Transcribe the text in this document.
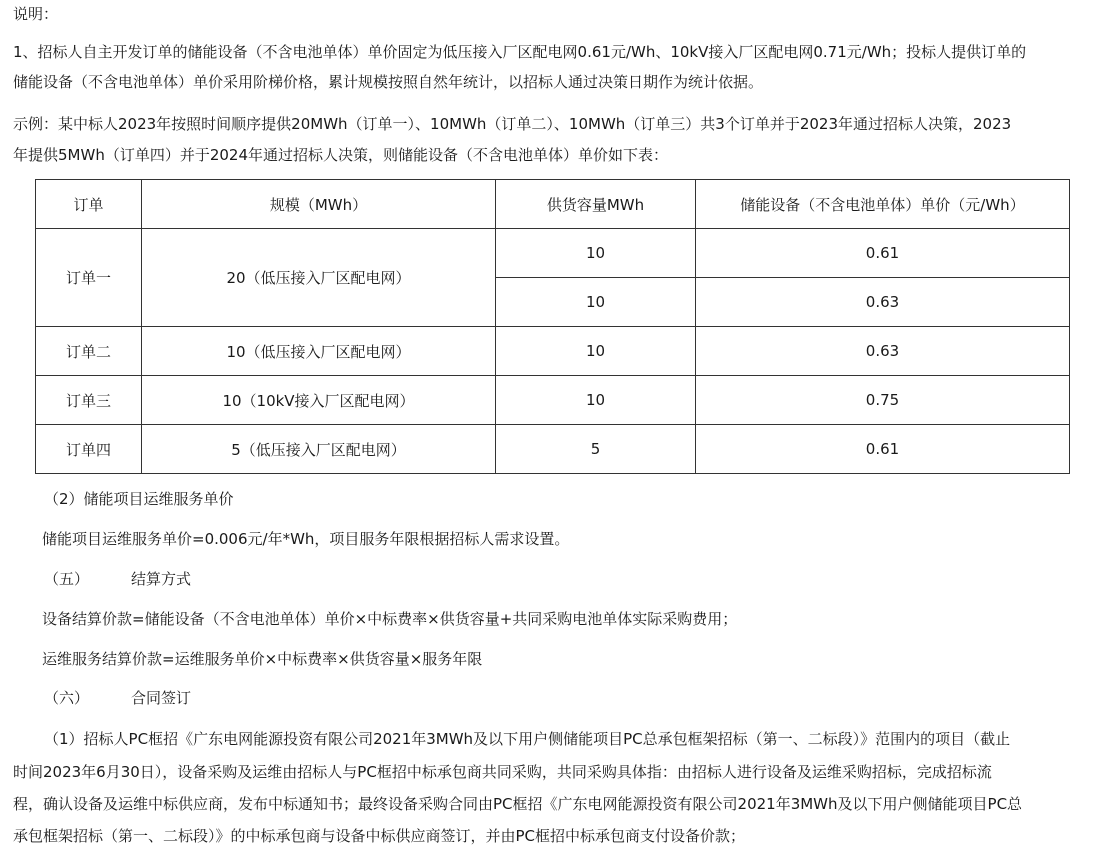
说明：
1、招标人自主开发订单的储能设备（不含电池单体）单价固定为低压接入厂区配电网0.61元/Wh、10kV接入厂区配电网0.71元/Wh；投标人提供订单的
储能设备（不含电池单体）单价采用阶梯价格，累计规模按照自然年统计，以招标人通过决策日期作为统计依据。
示例：某中标人2023年按照时间顺序提供20MWh（订单一）、10MWh（订单二）、10MWh（订单三）共3个订单并于2023年通过招标人决策，2023
年提供5MWh（订单四）并于2024年通过招标人决策，则储能设备（不含电池单体）单价如下表：
订单	规模（MWh）	供货容量MWh	储能设备（不含电池单体）单价（元/Wh）
订单一	20（低压接入厂区配电网）	10	0.61
		10	0.63
订单二	10（低压接入厂区配电网）	10	0.63
订单三	10（10kV接入厂区配电网）	10	0.75
订单四	5（低压接入厂区配电网）	5	0.61
（2）储能项目运维服务单价
储能项目运维服务单价=0.006元/年*Wh，项目服务年限根据招标人需求设置。
（五）	结算方式
设备结算价款=储能设备（不含电池单体）单价×中标费率×供货容量+共同采购电池单体实际采购费用；
运维服务结算价款=运维服务单价×中标费率×供货容量×服务年限
（六）	合同签订
（1）招标人PC框招《广东电网能源投资有限公司2021年3MWh及以下用户侧储能项目PC总承包框架招标（第一、二标段）》范围内的项目（截止
时间2023年6月30日），设备采购及运维由招标人与PC框招中标承包商共同采购，共同采购具体指：由招标人进行设备及运维采购招标，完成招标流
程，确认设备及运维中标供应商，发布中标通知书；最终设备采购合同由PC框招《广东电网能源投资有限公司2021年3MWh及以下用户侧储能项目PC总
承包框架招标（第一、二标段）》的中标承包商与设备中标供应商签订，并由PC框招中标承包商支付设备价款；
